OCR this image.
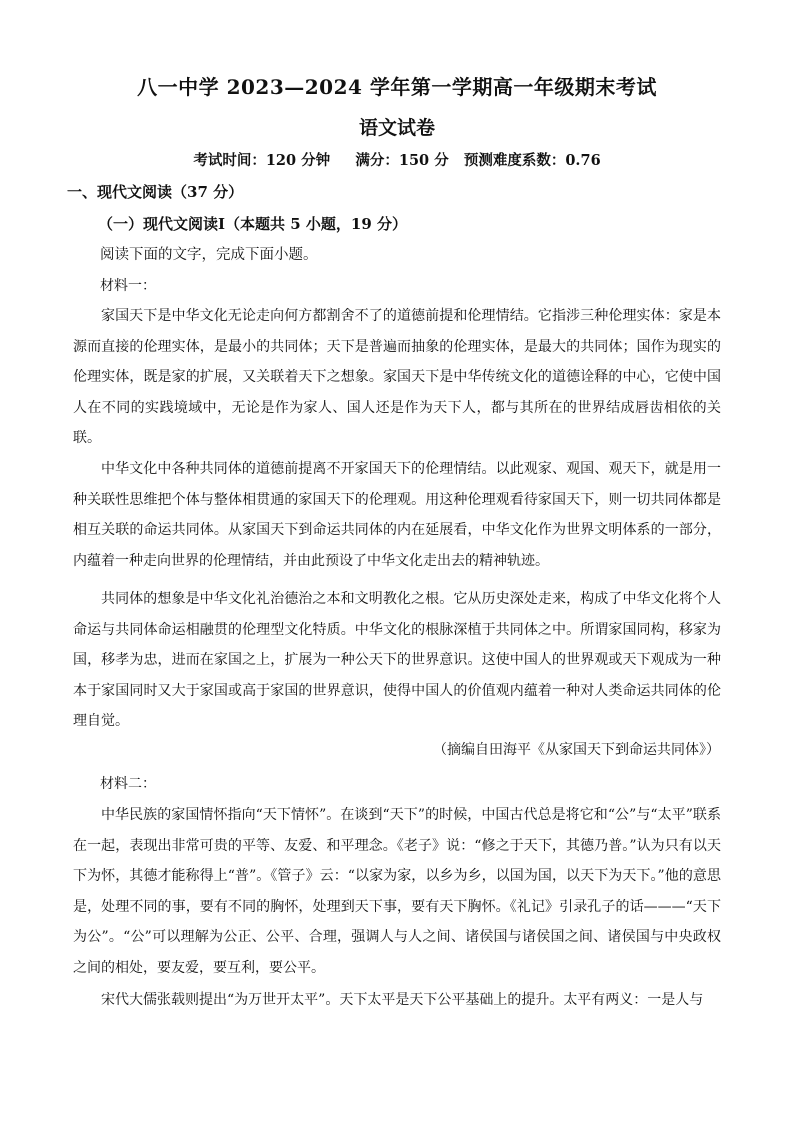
八一中学 2023—2024 学年第一学期高一年级期末考试
语文试卷
考试时间：120 分钟     满分：150 分   预测难度系数：0.76
一、现代文阅读（37 分）
（一）现代文阅读Ⅰ（本题共 5 小题，19 分）
阅读下面的文字，完成下面小题。
材料一：

家国天下是中华文化无论走向何方都割舍不了的道德前提和伦理情结。它指涉三种伦理实体：家是本源而直接的伦理实体，是最小的共同体；天下是普遍而抽象的伦理实体，是最大的共同体；国作为现实的伦理实体，既是家的扩展，又关联着天下之想象。家国天下是中华传统文化的道德诠释的中心，它使中国人在不同的实践境域中，无论是作为家人、国人还是作为天下人，都与其所在的世界结成唇齿相依的关联。

中华文化中各种共同体的道德前提离不开家国天下的伦理情结。以此观家、观国、观天下，就是用一种关联性思维把个体与整体相贯通的家国天下的伦理观。用这种伦理观看待家国天下，则一切共同体都是相互关联的命运共同体。从家国天下到命运共同体的内在延展看，中华文化作为世界文明体系的一部分，内蕴着一种走向世界的伦理情结，并由此预设了中华文化走出去的精神轨迹。

共同体的想象是中华文化礼治德治之本和文明教化之根。它从历史深处走来，构成了中华文化将个人命运与共同体命运相融贯的伦理型文化特质。中华文化的根脉深植于共同体之中。所谓家国同构，移家为国，移孝为忠，进而在家国之上，扩展为一种公天下的世界意识。这使中国人的世界观或天下观成为一种本于家国同时又大于家国或高于家国的世界意识，使得中国人的价值观内蕴着一种对人类命运共同体的伦理自觉。

（摘编自田海平《从家国天下到命运共同体》）
材料二：

中华民族的家国情怀指向“天下情怀”。在谈到“天下”的时候，中国古代总是将它和“公”与“太平”联系在一起，表现出非常可贵的平等、友爱、和平理念。《老子》说：“修之于天下，其德乃普。”认为只有以天下为怀，其德才能称得上“普”。《管子》云：“以家为家，以乡为乡，以国为国，以天下为天下。”他的意思是，处理不同的事，要有不同的胸怀，处理到天下事，要有天下胸怀。《礼记》引录孔子的话———“天下为公”。“公”可以理解为公正、公平、合理，强调人与人之间、诸侯国与诸侯国之间、诸侯国与中央政权之间的相处，要友爱，要互利，要公平。

宋代大儒张载则提出“为万世开太平”。天下太平是天下公平基础上的提升。太平有两义：一是人与
